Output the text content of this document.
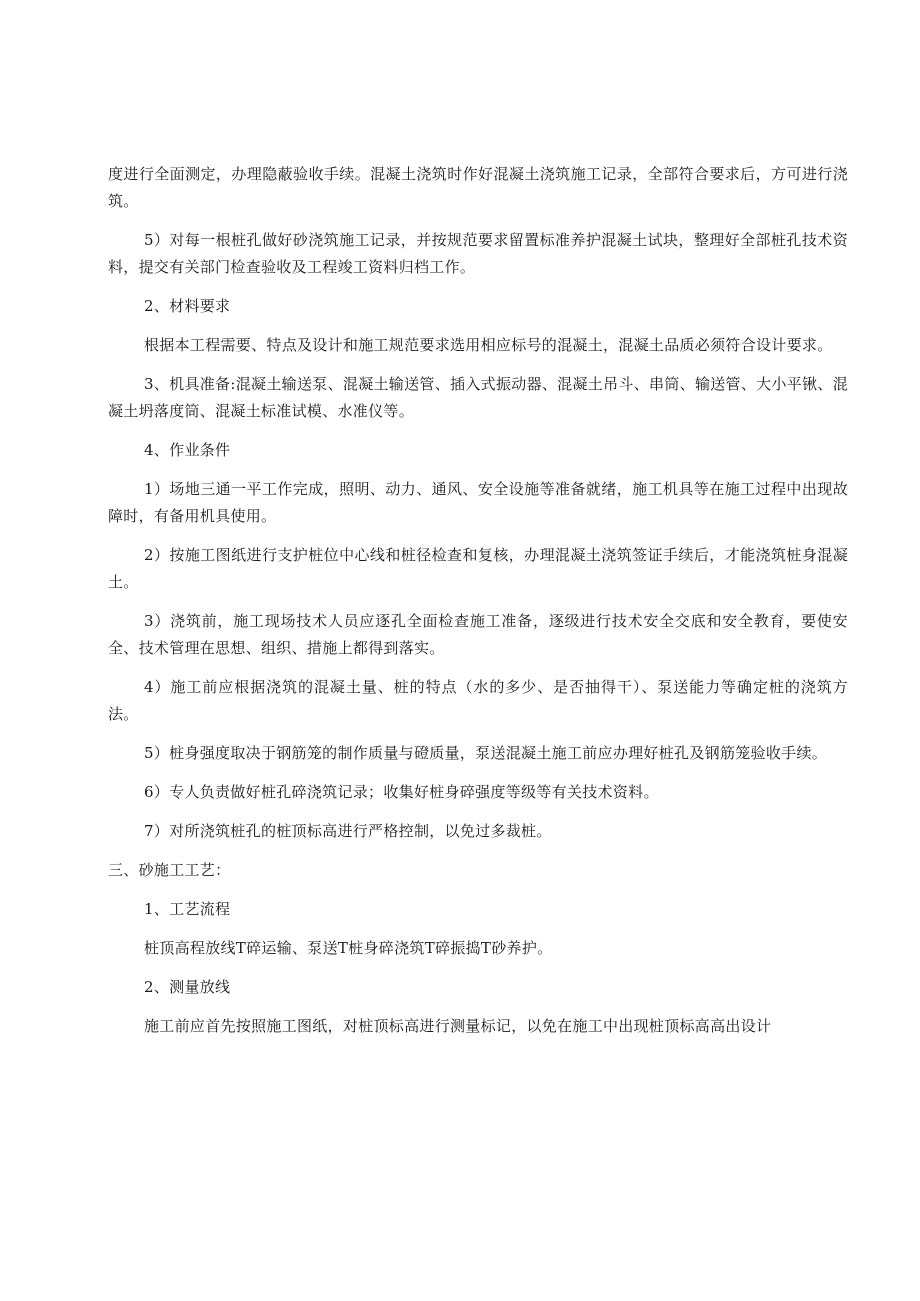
度进行全面测定，办理隐蔽验收手续。混凝土浇筑时作好混凝土浇筑施工记录，全部符合要求后，方可进行浇筑。

5）对每一根桩孔做好砂浇筑施工记录，并按规范要求留置标准养护混凝土试块，整理好全部桩孔技术资料，提交有关部门检查验收及工程竣工资料归档工作。

2、材料要求

根据本工程需要、特点及设计和施工规范要求选用相应标号的混凝土，混凝土品质必须符合设计要求。

3、机具准备:混凝土输送泵、混凝土输送管、插入式振动器、混凝土吊斗、串筒、输送管、大小平锹、混凝土坍落度筒、混凝土标准试模、水准仪等。

4、作业条件

1）场地三通一平工作完成，照明、动力、通风、安全设施等准备就绪，施工机具等在施工过程中出现故障时，有备用机具使用。

2）按施工图纸进行支护桩位中心线和桩径检查和复核，办理混凝土浇筑签证手续后，才能浇筑桩身混凝土。

3）浇筑前，施工现场技术人员应逐孔全面检查施工准备，逐级进行技术安全交底和安全教育，要使安全、技术管理在思想、组织、措施上都得到落实。

4）施工前应根据浇筑的混凝土量、桩的特点（水的多少、是否抽得干）、泵送能力等确定桩的浇筑方法。

5）桩身强度取决于钢筋笼的制作质量与磴质量，泵送混凝土施工前应办理好桩孔及钢筋笼验收手续。

6）专人负责做好桩孔碎浇筑记录；收集好桩身碎强度等级等有关技术资料。

7）对所浇筑桩孔的桩顶标高进行严格控制，以免过多裁桩。

三、砂施工工艺：

1、工艺流程

桩顶高程放线T碎运输、泵送T桩身碎浇筑T碎振捣T砂养护。

2、测量放线

施工前应首先按照施工图纸，对桩顶标高进行测量标记，以免在施工中出现桩顶标高高出设计
